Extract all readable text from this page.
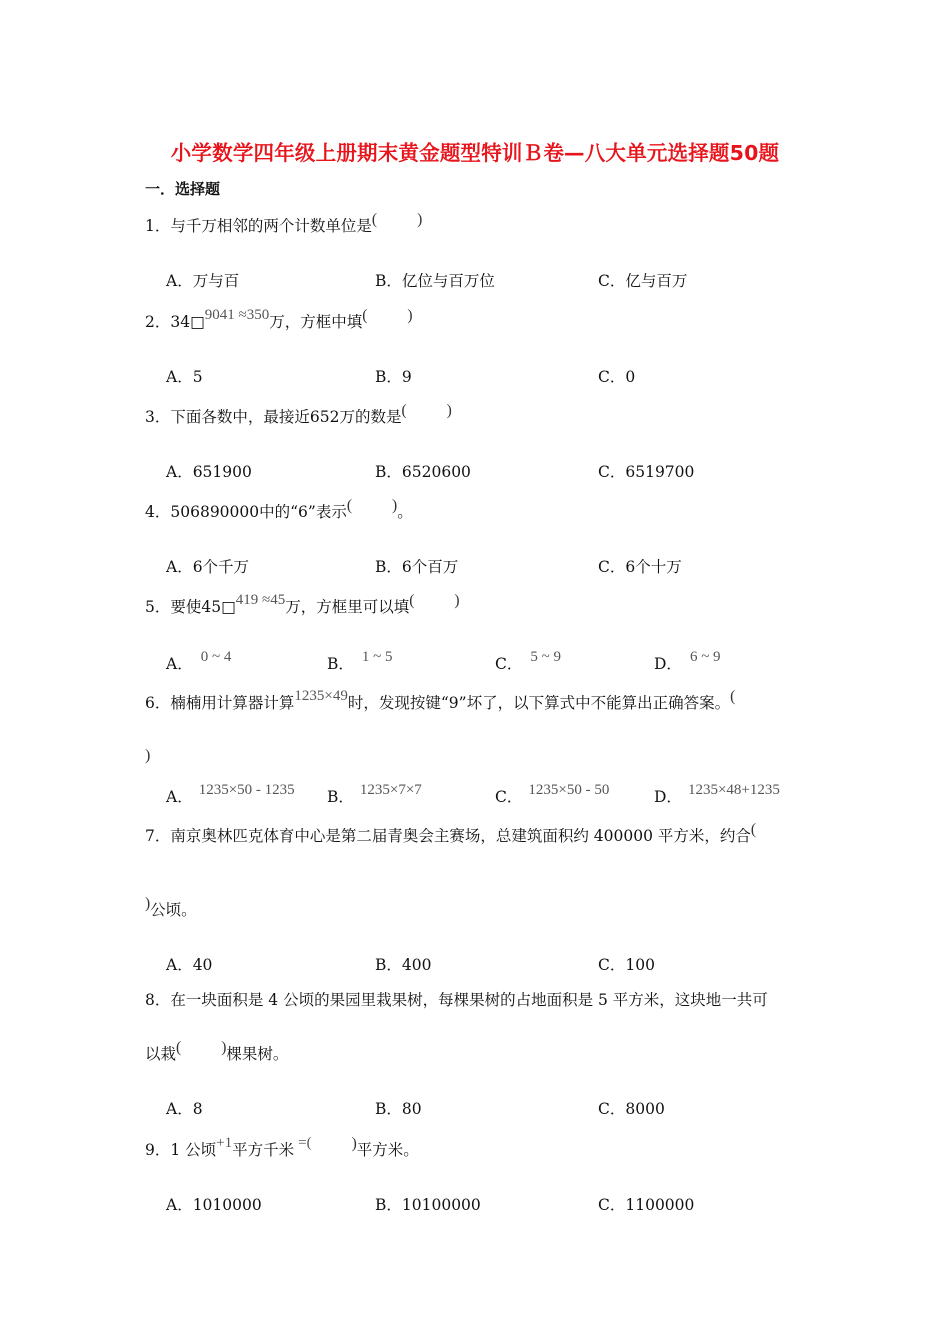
小学数学四年级上册期末黄金题型特训Ｂ卷—八大单元选择题50题
一．选择题
1．与千万相邻的两个计数单位是(	)
A．万与百	B．亿位与百万位	C．亿与百万
2．34□9041 ≈350万，方框中填(	)
A．5	B．9	C．0
3．下面各数中，最接近652万的数是(	)
A．651900	B．6520600	C．6519700
4．506890000中的“6”表示(	)。
A．6个千万	B．6个百万	C．6个十万
5．要使45□419 ≈45万，方框里可以填(	)
A． 0 ~ 4	B． 1 ~ 5	C． 5 ~ 9	D． 6 ~ 9
6．楠楠用计算器计算1235×49时，发现按键“9”坏了，以下算式中不能算出正确答案。(
)
A． 1235×50 - 1235 B． 1235×7×7	C． 1235×50 - 50	D． 1235×48+1235
7．南京奥林匹克体育中心是第二届青奥会主赛场，总建筑面积约 400000 平方米，约合(
)公顷。
A．40	B．400	C．100
8．在一块面积是 4 公顷的果园里栽果树，每棵果树的占地面积是 5 平方米，这块地一共可
以栽(	)棵果树。
A．8	B．80	C．8000
9．1 公顷+1平方千米 =(	)平方米。
A．1010000	B．10100000	C．1100000
